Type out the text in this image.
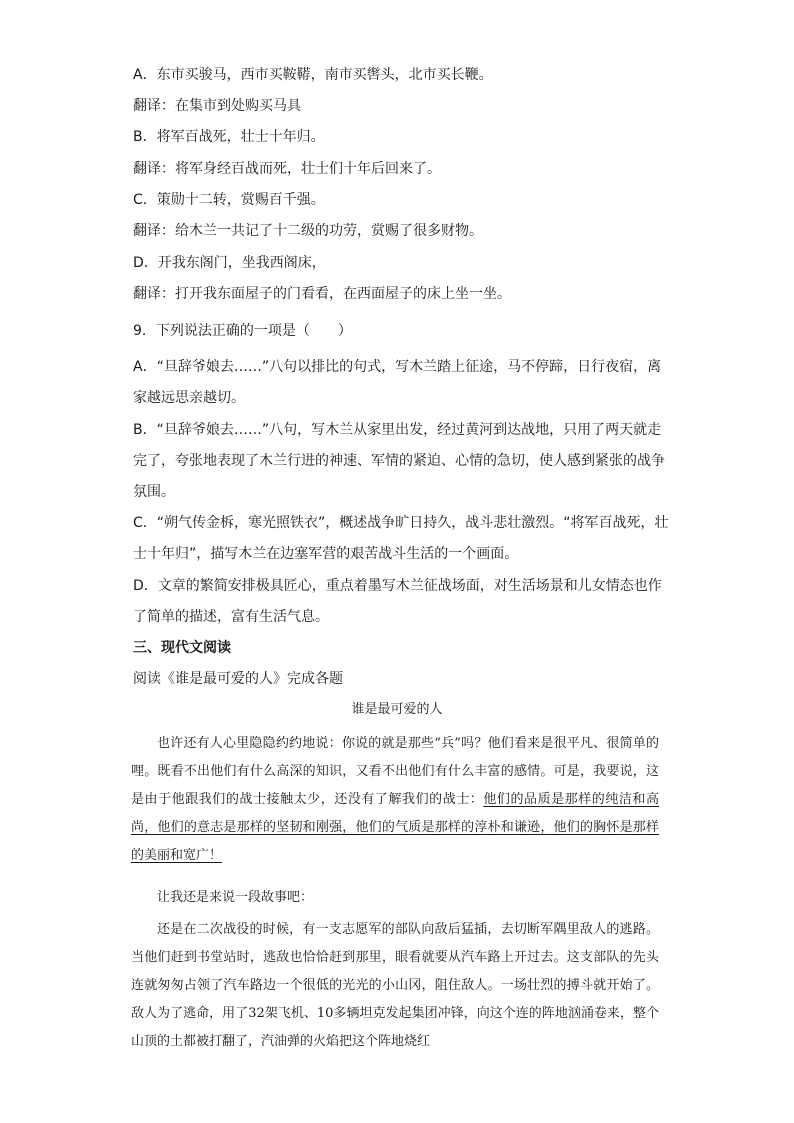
A．东市买骏马，西市买鞍鞯，南市买辔头，北市买长鞭。
翻译：在集市到处购买马具
B．将军百战死，壮士十年归。
翻译：将军身经百战而死，壮士们十年后回来了。
C．策勋十二转，赏赐百千强。
翻译：给木兰一共记了十二级的功劳，赏赐了很多财物。
D．开我东阁门，坐我西阁床，
翻译：打开我东面屋子的门看看，在西面屋子的床上坐一坐。
9．下列说法正确的一项是（　　）
A．“旦辞爷娘去……”八句以排比的句式，写木兰踏上征途，马不停蹄，日行夜宿，离家越远思亲越切。
B．“旦辞爷娘去……”八句，写木兰从家里出发，经过黄河到达战地，只用了两天就走完了，夸张地表现了木兰行进的神速、军情的紧迫、心情的急切，使人感到紧张的战争氛围。
C．“朔气传金柝，寒光照铁衣”，概述战争旷日持久，战斗悲壮激烈。“将军百战死，壮士十年归”，描写木兰在边塞军营的艰苦战斗生活的一个画面。
D．文章的繁简安排极具匠心，重点着墨写木兰征战场面，对生活场景和儿女情态也作了简单的描述，富有生活气息。
三、现代文阅读
阅读《谁是最可爱的人》完成各题
谁是最可爱的人
也许还有人心里隐隐约约地说：你说的就是那些“兵”吗？他们看来是很平凡、很简单的哩。既看不出他们有什么高深的知识，又看不出他们有什么丰富的感情。可是，我要说，这是由于他跟我们的战士接触太少，还没有了解我们的战士：他们的品质是那样的纯洁和高尚，他们的意志是那样的坚韧和刚强，他们的气质是那样的淳朴和谦逊，他们的胸怀是那样的美丽和宽广！
让我还是来说一段故事吧：
还是在二次战役的时候，有一支志愿军的部队向敌后猛插，去切断军隅里敌人的逃路。当他们赶到书堂站时，逃敌也恰恰赶到那里，眼看就要从汽车路上开过去。这支部队的先头连就匆匆占领了汽车路边一个很低的光光的小山冈，阻住敌人。一场壮烈的搏斗就开始了。敌人为了逃命，用了32架飞机、10多辆坦克发起集团冲锋，向这个连的阵地汹涌卷来，整个山顶的土都被打翻了，汽油弹的火焰把这个阵地烧红
